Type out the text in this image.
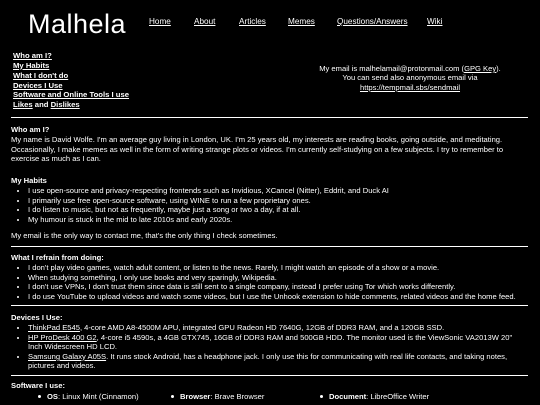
Malhela	Home	About	Articles	Memes	Questions/Answers Wiki
Who am I?
My Habits
What I don't do
Devices I Use
Software and Online Tools I use
Likes and Dislikes
My email is malhelamail@protonmail.com (GPG Key).
You can send also anonymous email via
https://tempmail.sbs/sendmail
Who am I?
My name is David Wolfe. I'm an average guy living in London, UK. I'm 25 years old, my interests are reading books, going outside, and meditating. Occasionally, I make memes as well in the form of writing strange plots or videos. I'm currently self-studying on a few subjects. I try to remember to exercise as much as I can.
My Habits
• I use open-source and privacy-respecting frontends such as Invidious, XCancel (Nitter), Eddrit, and Duck AI
• I primarily use free open-source software, using WINE to run a few proprietary ones.
• I do listen to music, but not as frequently, maybe just a song or two a day, if at all.
• My humour is stuck in the mid to late 2010s and early 2020s.
My email is the only way to contact me, that's the only thing I check sometimes.
What I refrain from doing:
• I don't play video games, watch adult content, or listen to the news. Rarely, I might watch an episode of a show or a movie.
• When studying something, I only use books and very sparingly, Wikipedia.
• I don't use VPNs, I don't trust them since data is still sent to a single company, instead I prefer using Tor which works differently.
• I do use YouTube to upload videos and watch some videos, but I use the Unhook extension to hide comments, related videos and the home feed.
Devices I Use:
• ThinkPad E545, 4-core AMD A8-4500M APU, integrated GPU Radeon HD 7640G, 12GB of DDR3 RAM, and a 120GB SSD.
• HP ProDesk 400 G2, 4-core i5 4590s, a 4GB GTX745, 16GB of DDR3 RAM and 500GB HDD. The monitor used is the ViewSonic VA2013W 20" Inch Widescreen HD LCD.
• Samsung Galaxy A05S. It runs stock Android, has a headphone jack. I only use this for communicating with real life contacts, and taking notes, pictures and videos.
Software I use:
OS: Linux Mint (Cinnamon)	Browser: Brave Browser	Document: LibreOffice Writer
